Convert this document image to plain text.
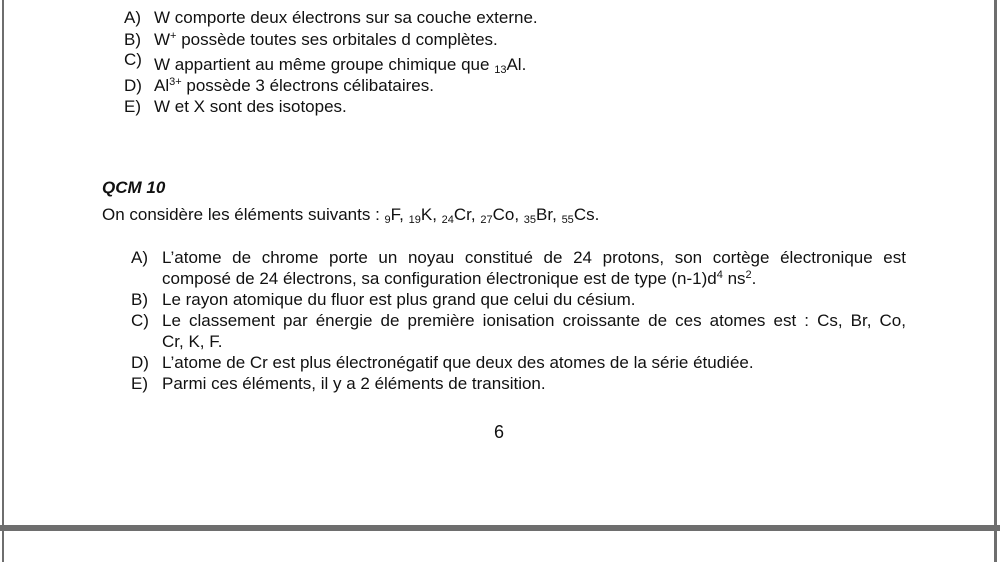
A) W comporte deux électrons sur sa couche externe.
B) W+ possède toutes ses orbitales d complètes.
C) W appartient au même groupe chimique que $_{13}$Al.
D) $Al^{3+}$ possède 3 électrons célibataires.
E) W et X sont des isotopes.
QCM 10
On considère les éléments suivants : $_9$F, $_{19}$K, $_{24}$Cr, $_{27}$Co, $_{35}$Br, $_{55}$Cs.
A) L’atome de chrome porte un noyau constitué de 24 protons, son cortège électronique est
composé de 24 électrons, sa configuration électronique est de type $(n-1)d^4$ $ns^2$.
B) Le rayon atomique du fluor est plus grand que celui du césium.
C) Le classement par énergie de première ionisation croissante de ces atomes est : Cs, Br, Co,
Cr, K, F.
D) L’atome de Cr est plus électronégatif que deux des atomes de la série étudiée.
E) Parmi ces éléments, il y a 2 éléments de transition.
6
